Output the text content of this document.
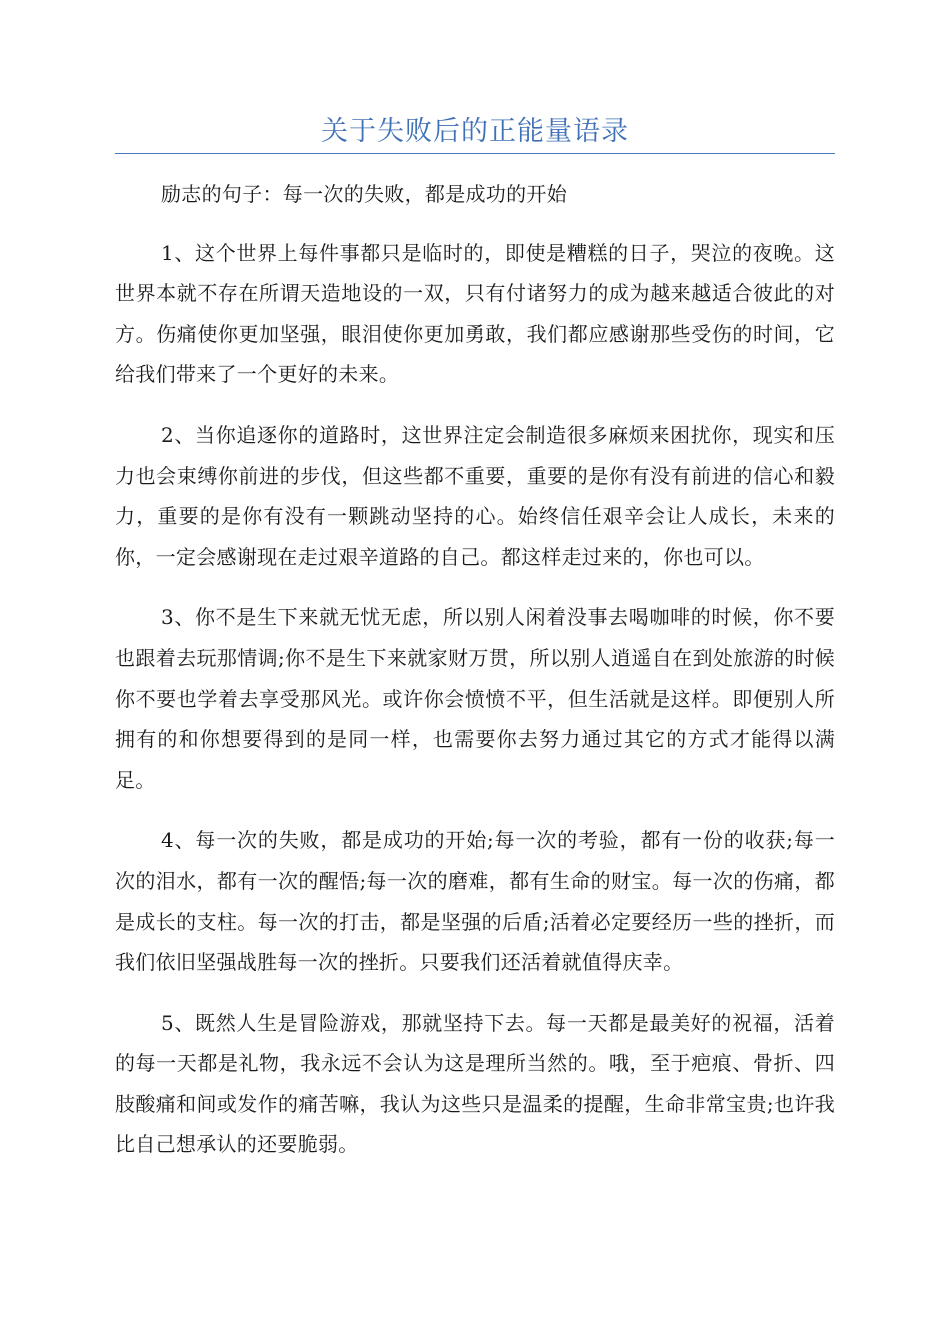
关于失败后的正能量语录

励志的句子：每一次的失败，都是成功的开始

1、这个世界上每件事都只是临时的，即使是糟糕的日子，哭泣的夜晚。这世界本就不存在所谓天造地设的一双，只有付诸努力的成为越来越适合彼此的对方。伤痛使你更加坚强，眼泪使你更加勇敢，我们都应感谢那些受伤的时间，它给我们带来了一个更好的未来。

2、当你追逐你的道路时，这世界注定会制造很多麻烦来困扰你，现实和压力也会束缚你前进的步伐，但这些都不重要，重要的是你有没有前进的信心和毅力，重要的是你有没有一颗跳动坚持的心。始终信任艰辛会让人成长，未来的你，一定会感谢现在走过艰辛道路的自己。都这样走过来的，你也可以。

3、你不是生下来就无忧无虑，所以别人闲着没事去喝咖啡的时候，你不要也跟着去玩那情调;你不是生下来就家财万贯，所以别人逍遥自在到处旅游的时候你不要也学着去享受那风光。或许你会愤愤不平，但生活就是这样。即便别人所拥有的和你想要得到的是同一样，也需要你去努力通过其它的方式才能得以满足。

4、每一次的失败，都是成功的开始;每一次的考验，都有一份的收获;每一次的泪水，都有一次的醒悟;每一次的磨难，都有生命的财宝。每一次的伤痛，都是成长的支柱。每一次的打击，都是坚强的后盾;活着必定要经历一些的挫折，而我们依旧坚强战胜每一次的挫折。只要我们还活着就值得庆幸。

5、既然人生是冒险游戏，那就坚持下去。每一天都是最美好的祝福，活着的每一天都是礼物，我永远不会认为这是理所当然的。哦，至于疤痕、骨折、四肢酸痛和间或发作的痛苦嘛，我认为这些只是温柔的提醒，生命非常宝贵;也许我比自己想承认的还要脆弱。
